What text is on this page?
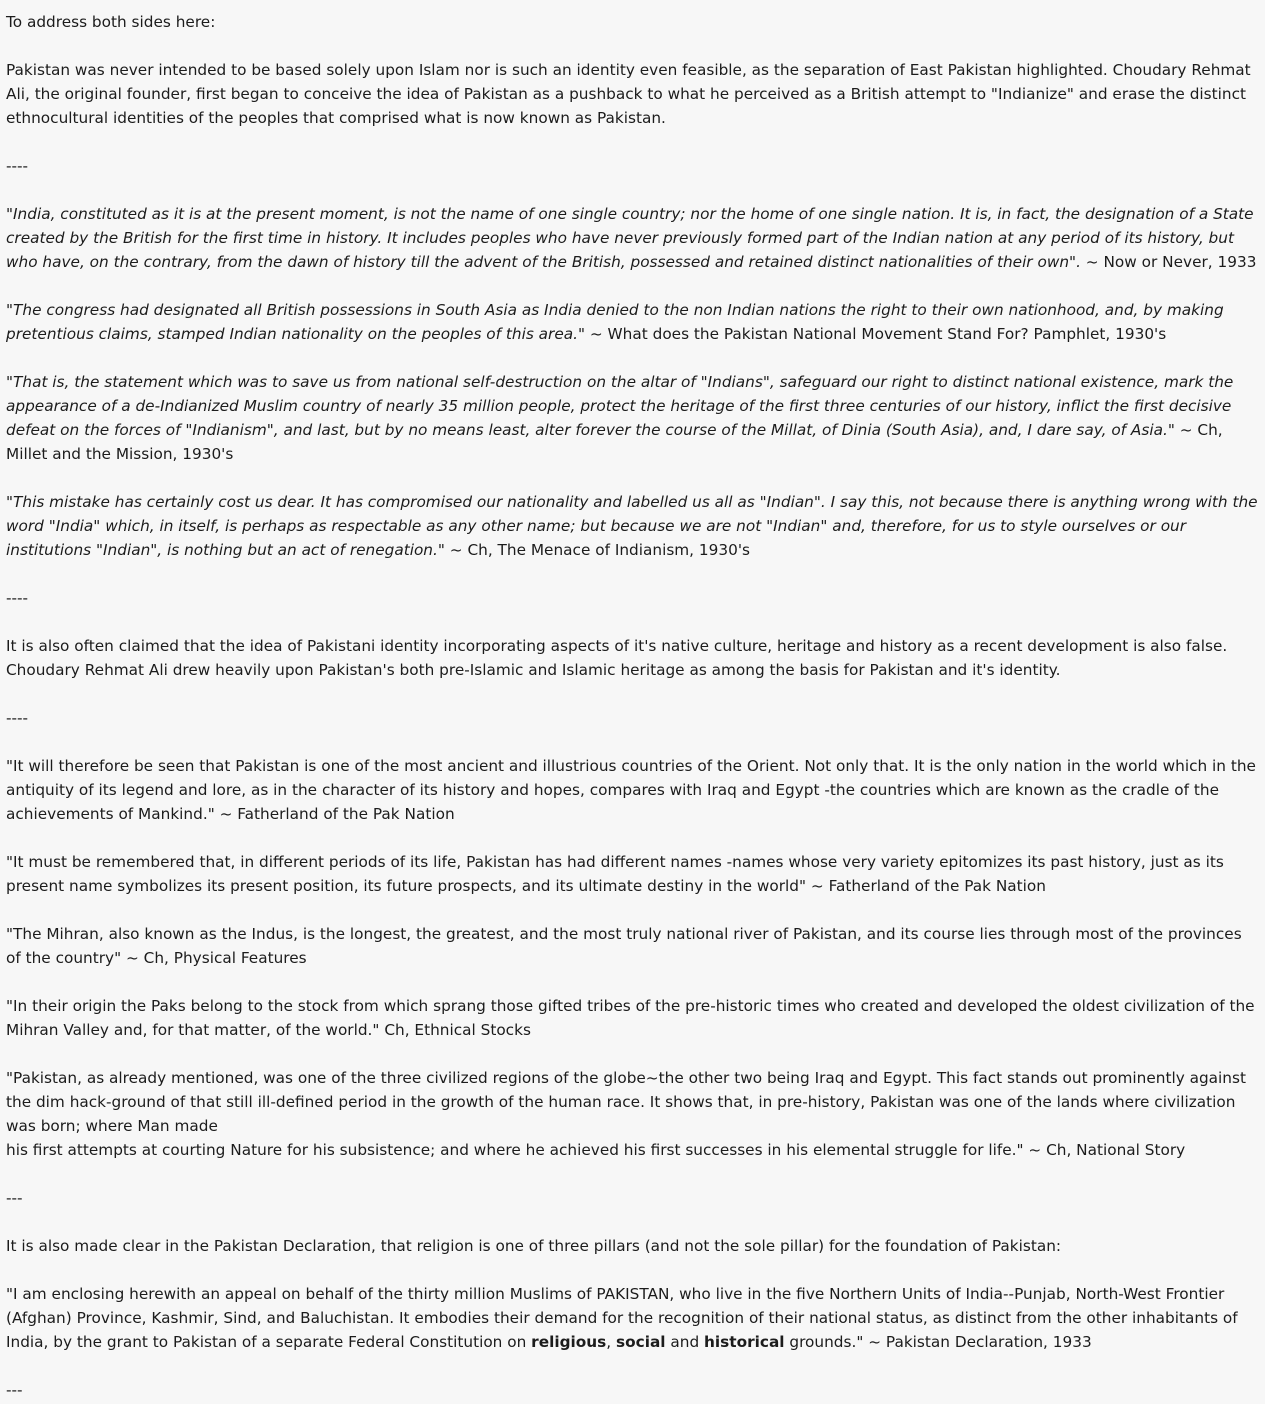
To address both sides here:

Pakistan was never intended to be based solely upon Islam nor is such an identity even feasible, as the separation of East Pakistan highlighted. Choudary Rehmat Ali, the original founder, first began to conceive the idea of Pakistan as a pushback to what he perceived as a British attempt to "Indianize" and erase the distinct ethnocultural identities of the peoples that comprised what is now known as Pakistan.

----

"India, constituted as it is at the present moment, is not the name of one single country; nor the home of one single nation. It is, in fact, the designation of a State created by the British for the first time in history. It includes peoples who have never previously formed part of the Indian nation at any period of its history, but who have, on the contrary, from the dawn of history till the advent of the British, possessed and retained distinct nationalities of their own". ~ Now or Never, 1933

"The congress had designated all British possessions in South Asia as India denied to the non Indian nations the right to their own nationhood, and, by making pretentious claims, stamped Indian nationality on the peoples of this area." ~ What does the Pakistan National Movement Stand For? Pamphlet, 1930's

"That is, the statement which was to save us from national self-destruction on the altar of "Indians", safeguard our right to distinct national existence, mark the appearance of a de-Indianized Muslim country of nearly 35 million people, protect the heritage of the first three centuries of our history, inflict the first decisive defeat on the forces of "Indianism", and last, but by no means least, alter forever the course of the Millat, of Dinia (South Asia), and, I dare say, of Asia." ~ Ch, Millet and the Mission, 1930's

"This mistake has certainly cost us dear. It has compromised our nationality and labelled us all as "Indian". I say this, not because there is anything wrong with the word "India" which, in itself, is perhaps as respectable as any other name; but because we are not "Indian" and, therefore, for us to style ourselves or our institutions "Indian", is nothing but an act of renegation." ~ Ch, The Menace of Indianism, 1930's

----

It is also often claimed that the idea of Pakistani identity incorporating aspects of it's native culture, heritage and history as a recent development is also false. Choudary Rehmat Ali drew heavily upon Pakistan's both pre-Islamic and Islamic heritage as among the basis for Pakistan and it's identity.

----

"It will therefore be seen that Pakistan is one of the most ancient and illustrious countries of the Orient. Not only that. It is the only nation in the world which in the antiquity of its legend and lore, as in the character of its history and hopes, compares with Iraq and Egypt -the countries which are known as the cradle of the achievements of Mankind." ~ Fatherland of the Pak Nation

"It must be remembered that, in different periods of its life, Pakistan has had different names -names whose very variety epitomizes its past history, just as its present name symbolizes its present position, its future prospects, and its ultimate destiny in the world" ~ Fatherland of the Pak Nation

"The Mihran, also known as the Indus, is the longest, the greatest, and the most truly national river of Pakistan, and its course lies through most of the provinces of the country" ~ Ch, Physical Features

"In their origin the Paks belong to the stock from which sprang those gifted tribes of the pre-historic times who created and developed the oldest civilization of the Mihran Valley and, for that matter, of the world." Ch, Ethnical Stocks

"Pakistan, as already mentioned, was one of the three civilized regions of the globe~the other two being Iraq and Egypt. This fact stands out prominently against the dim hack-ground of that still ill-defined period in the growth of the human race. It shows that, in pre-history, Pakistan was one of the lands where civilization was born; where Man made
his first attempts at courting Nature for his subsistence; and where he achieved his first successes in his elemental struggle for life." ~ Ch, National Story

---

It is also made clear in the Pakistan Declaration, that religion is one of three pillars (and not the sole pillar) for the foundation of Pakistan:

"I am enclosing herewith an appeal on behalf of the thirty million Muslims of PAKISTAN, who live in the five Northern Units of India--Punjab, North-West Frontier (Afghan) Province, Kashmir, Sind, and Baluchistan. It embodies their demand for the recognition of their national status, as distinct from the other inhabitants of India, by the grant to Pakistan of a separate Federal Constitution on religious, social and historical grounds." ~ Pakistan Declaration, 1933

---
